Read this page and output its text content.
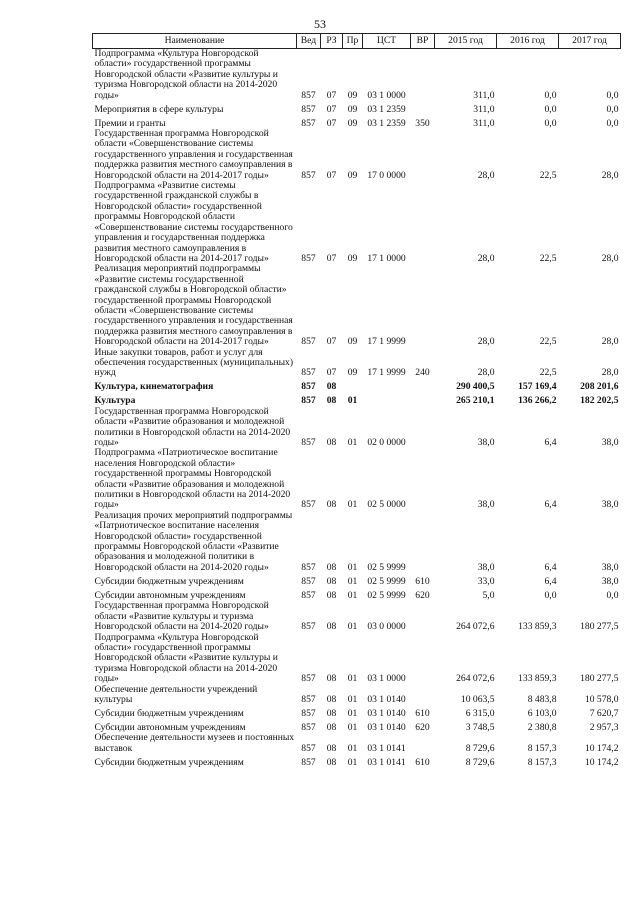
53
Наименование	Вед	РЗ	Пр	ЦСТ	ВР	2015 год	2016 год	2017 год
Подпрограмма «Культура Новгородской области» государственной программы Новгородской области «Развитие культуры и туризма Новгородской области на 2014-2020 годы»	857	07	09	03 1 0000		311,0	0,0	0,0
Мероприятия в сфере культуры	857	07	09	03 1 2359		311,0	0,0	0,0
Премии и гранты	857	07	09	03 1 2359	350	311,0	0,0	0,0
Государственная программа Новгородской области «Совершенствование системы государственного управления и государственная поддержка развития местного самоуправления в Новгородской области на 2014-2017 годы»	857	07	09	17 0 0000		28,0	22,5	28,0
Подпрограмма «Развитие системы государственной гражданской службы в Новгородской области» государственной программы Новгородской области «Совершенствование системы государственного управления и государственная поддержка развития местного самоуправления в Новгородской области на 2014-2017 годы»	857	07	09	17 1 0000		28,0	22,5	28,0
Реализация мероприятий подпрограммы «Развитие системы государственной гражданской службы в Новгородской области» государственной программы Новгородской области «Совершенствование системы государственного управления и государственная поддержка развития местного самоуправления в Новгородской области на 2014-2017 годы»	857	07	09	17 1 9999		28,0	22,5	28,0
Иные закупки товаров, работ и услуг для обеспечения государственных (муниципальных) нужд	857	07	09	17 1 9999	240	28,0	22,5	28,0
Культура, кинематография	857	08				290 400,5	157 169,4	208 201,6
Культура	857	08	01			265 210,1	136 266,2	182 202,5
Государственная программа Новгородской области «Развитие образования и молодежной политики в Новгородской области на 2014-2020 годы»	857	08	01	02 0 0000		38,0	6,4	38,0
Подпрограмма «Патриотическое воспитание населения Новгородской области» государственной программы Новгородской области «Развитие образования и молодежной политики в Новгородской области на 2014-2020 годы»	857	08	01	02 5 0000		38,0	6,4	38,0
Реализация прочих мероприятий подпрограммы «Патриотическое воспитание населения Новгородской области» государственной программы Новгородской области «Развитие образования и молодежной политики в Новгородской области на 2014-2020 годы»	857	08	01	02 5 9999		38,0	6,4	38,0
Субсидии бюджетным учреждениям	857	08	01	02 5 9999	610	33,0	6,4	38,0
Субсидии автономным учреждениям	857	08	01	02 5 9999	620	5,0	0,0	0,0
Государственная программа Новгородской области «Развитие культуры и туризма Новгородской области на 2014-2020 годы»	857	08	01	03 0 0000		264 072,6	133 859,3	180 277,5
Подпрограмма «Культура Новгородской области» государственной программы Новгородской области «Развитие культуры и туризма Новгородской области на 2014-2020 годы»	857	08	01	03 1 0000		264 072,6	133 859,3	180 277,5
Обеспечение деятельности учреждений культуры	857	08	01	03 1 0140		10 063,5	8 483,8	10 578,0
Субсидии бюджетным учреждениям	857	08	01	03 1 0140	610	6 315,0	6 103,0	7 620,7
Субсидии автономным учреждениям	857	08	01	03 1 0140	620	3 748,5	2 380,8	2 957,3
Обеспечение деятельности музеев и постоянных выставок	857	08	01	03 1 0141		8 729,6	8 157,3	10 174,2
Субсидии бюджетным учреждениям	857	08	01	03 1 0141	610	8 729,6	8 157,3	10 174,2
